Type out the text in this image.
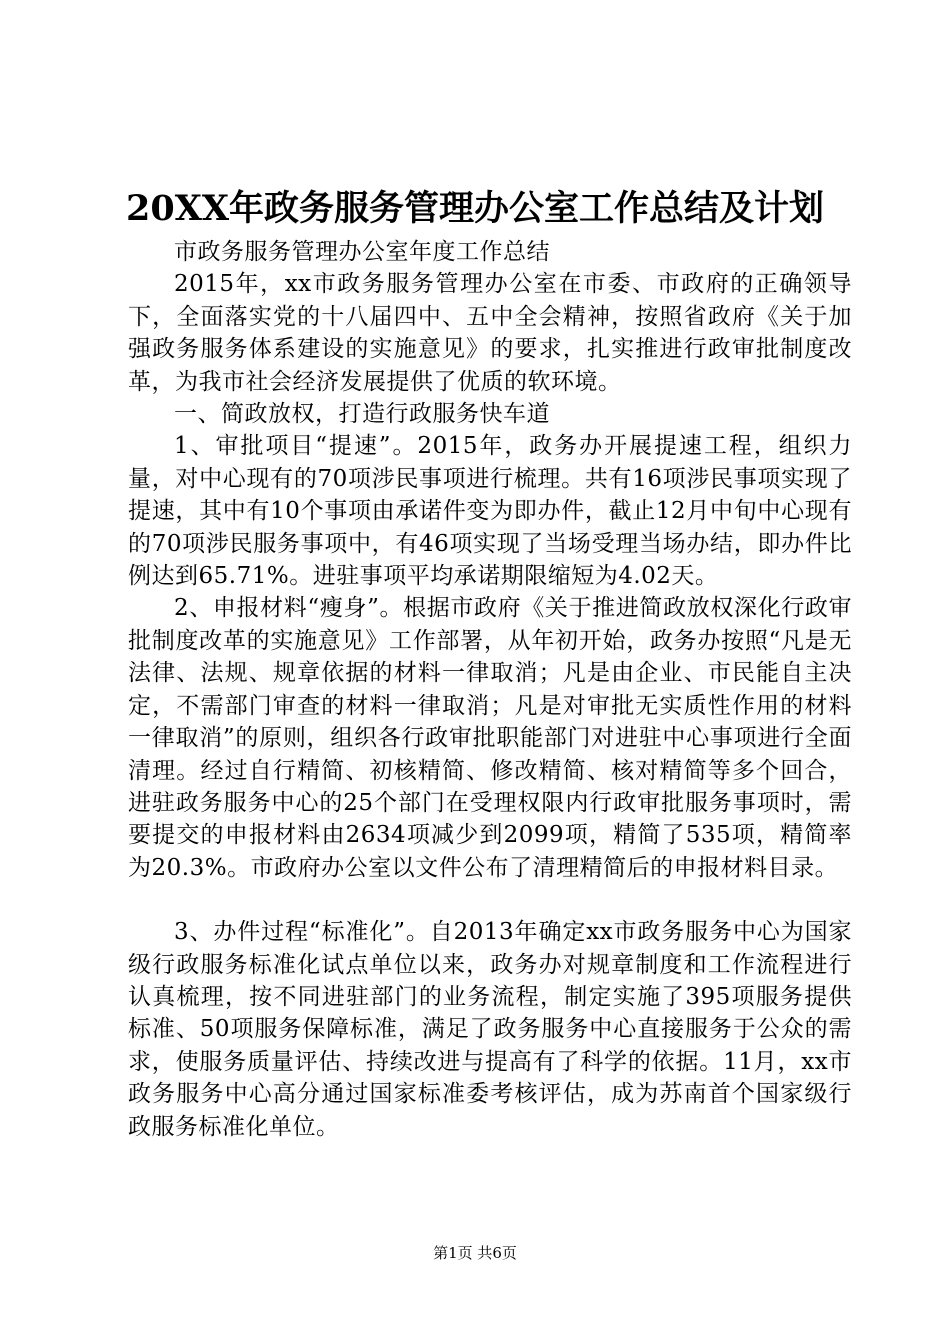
20XX年政务服务管理办公室工作总结及计划

市政务服务管理办公室年度工作总结

2015年，xx市政务服务管理办公室在市委、市政府的正确领导下，全面落实党的十八届四中、五中全会精神，按照省政府《关于加强政务服务体系建设的实施意见》的要求，扎实推进行政审批制度改革，为我市社会经济发展提供了优质的软环境。

一、简政放权，打造行政服务快车道

1、审批项目“提速”。2015年，政务办开展提速工程，组织力量，对中心现有的70项涉民事项进行梳理。共有16项涉民事项实现了提速，其中有10个事项由承诺件变为即办件，截止12月中旬中心现有的70项涉民服务事项中，有46项实现了当场受理当场办结，即办件比例达到65.71%。进驻事项平均承诺期限缩短为4.02天。

2、申报材料“瘦身”。根据市政府《关于推进简政放权深化行政审批制度改革的实施意见》工作部署，从年初开始，政务办按照“凡是无法律、法规、规章依据的材料一律取消；凡是由企业、市民能自主决定，不需部门审查的材料一律取消；凡是对审批无实质性作用的材料一律取消”的原则，组织各行政审批职能部门对进驻中心事项进行全面清理。经过自行精简、初核精简、修改精简、核对精简等多个回合，进驻政务服务中心的25个部门在受理权限内行政审批服务事项时，需要提交的申报材料由2634项减少到2099项，精简了535项，精简率为20.3%。市政府办公室以文件公布了清理精简后的申报材料目录。

3、办件过程“标准化”。自2013年确定xx市政务服务中心为国家级行政服务标准化试点单位以来，政务办对规章制度和工作流程进行认真梳理，按不同进驻部门的业务流程，制定实施了395项服务提供标准、50项服务保障标准，满足了政务服务中心直接服务于公众的需求，使服务质量评估、持续改进与提高有了科学的依据。11月，xx市政务服务中心高分通过国家标准委考核评估，成为苏南首个国家级行政服务标准化单位。

第1页 共6页
